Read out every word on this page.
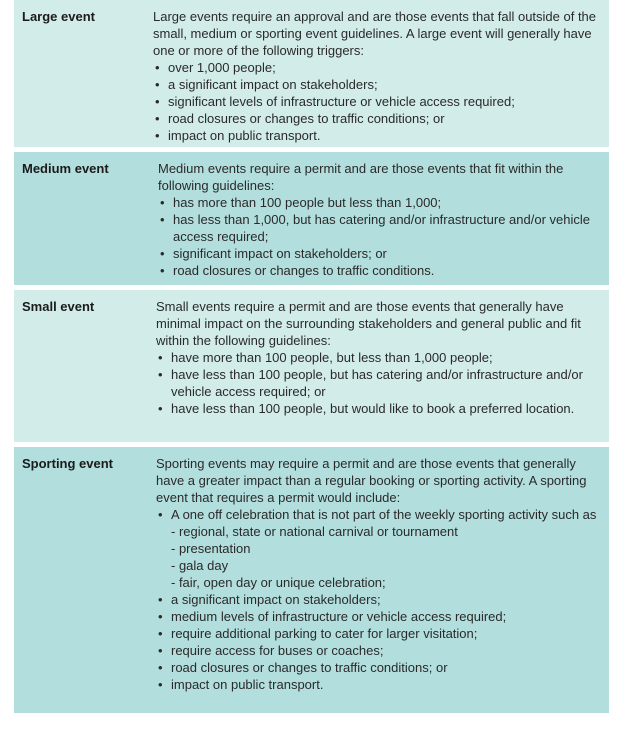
Large event	Large events require an approval and are those events that fall outside of the small, medium or sporting event guidelines. A large event will generally have one or more of the following triggers:
• over 1,000 people;
• a significant impact on stakeholders;
• significant levels of infrastructure or vehicle access required;
• road closures or changes to traffic conditions; or
• impact on public transport.
Medium event	Medium events require a permit and are those events that fit within the following guidelines:
• has more than 100 people but less than 1,000;
• has less than 1,000, but has catering and/or infrastructure and/or vehicle access required;
• significant impact on stakeholders; or
• road closures or changes to traffic conditions.
Small event	Small events require a permit and are those events that generally have minimal impact on the surrounding stakeholders and general public and fit within the following guidelines:
• have more than 100 people, but less than 1,000 people;
• have less than 100 people, but has catering and/or infrastructure and/or vehicle access required; or
• have less than 100 people, but would like to book a preferred location.
Sporting event	Sporting events may require a permit and are those events that generally have a greater impact than a regular booking or sporting activity. A sporting event that requires a permit would include:
• A one off celebration that is not part of the weekly sporting activity such as
- regional, state or national carnival or tournament
- presentation
- gala day
- fair, open day or unique celebration;
• a significant impact on stakeholders;
• medium levels of infrastructure or vehicle access required;
• require additional parking to cater for larger visitation;
• require access for buses or coaches;
• road closures or changes to traffic conditions; or
• impact on public transport.
